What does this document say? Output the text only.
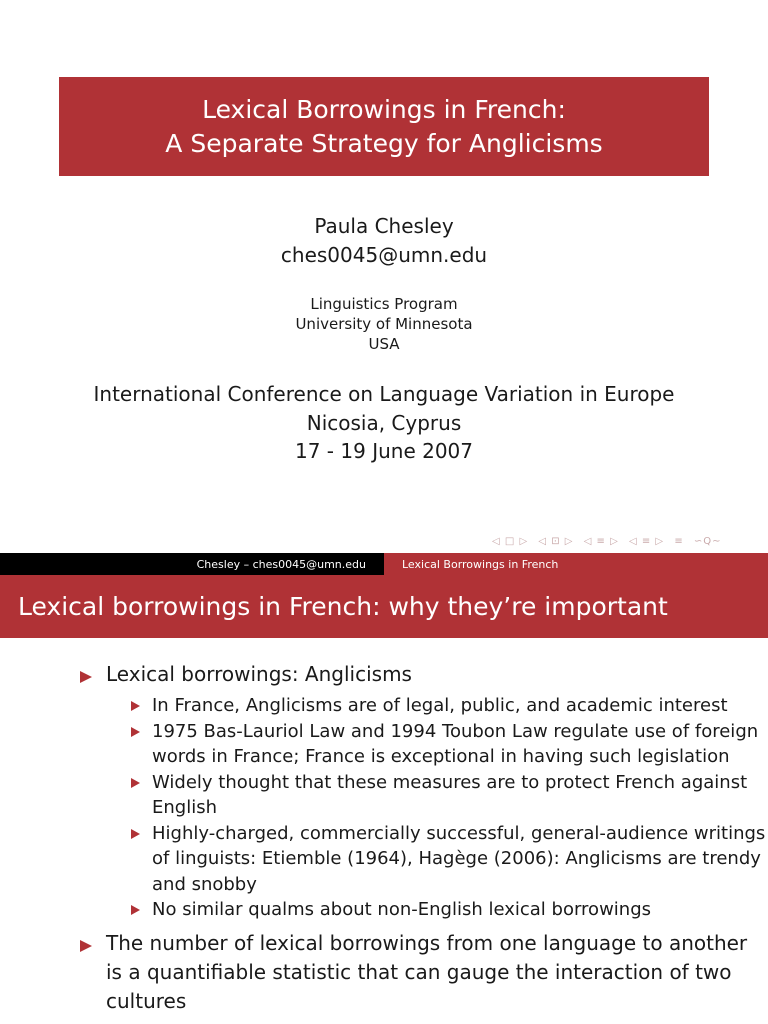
Lexical Borrowings in French:
A Separate Strategy for Anglicisms
Paula Chesley
ches0045@umn.edu
Linguistics Program
University of Minnesota
USA
International Conference on Language Variation in Europe
Nicosia, Cyprus
17 - 19 June 2007
◁ □ ▷ ◁ ⊡ ▷ ◁ ≡ ▷ ◁ ≡ ▷ ≡ ∽Q∼
Chesley – ches0045@umn.edu	Lexical Borrowings in French
Lexical borrowings in French: why they’re important
Lexical borrowings: Anglicisms
In France, Anglicisms are of legal, public, and academic interest
1975 Bas-Lauriol Law and 1994 Toubon Law regulate use of foreign words in France; France is exceptional in having such legislation
Widely thought that these measures are to protect French against English
Highly-charged, commercially successful, general-audience writings of linguists: Etiemble (1964), Hagège (2006): Anglicisms are trendy and snobby
No similar qualms about non-English lexical borrowings
The number of lexical borrowings from one language to another is a quantifiable statistic that can gauge the interaction of two cultures
